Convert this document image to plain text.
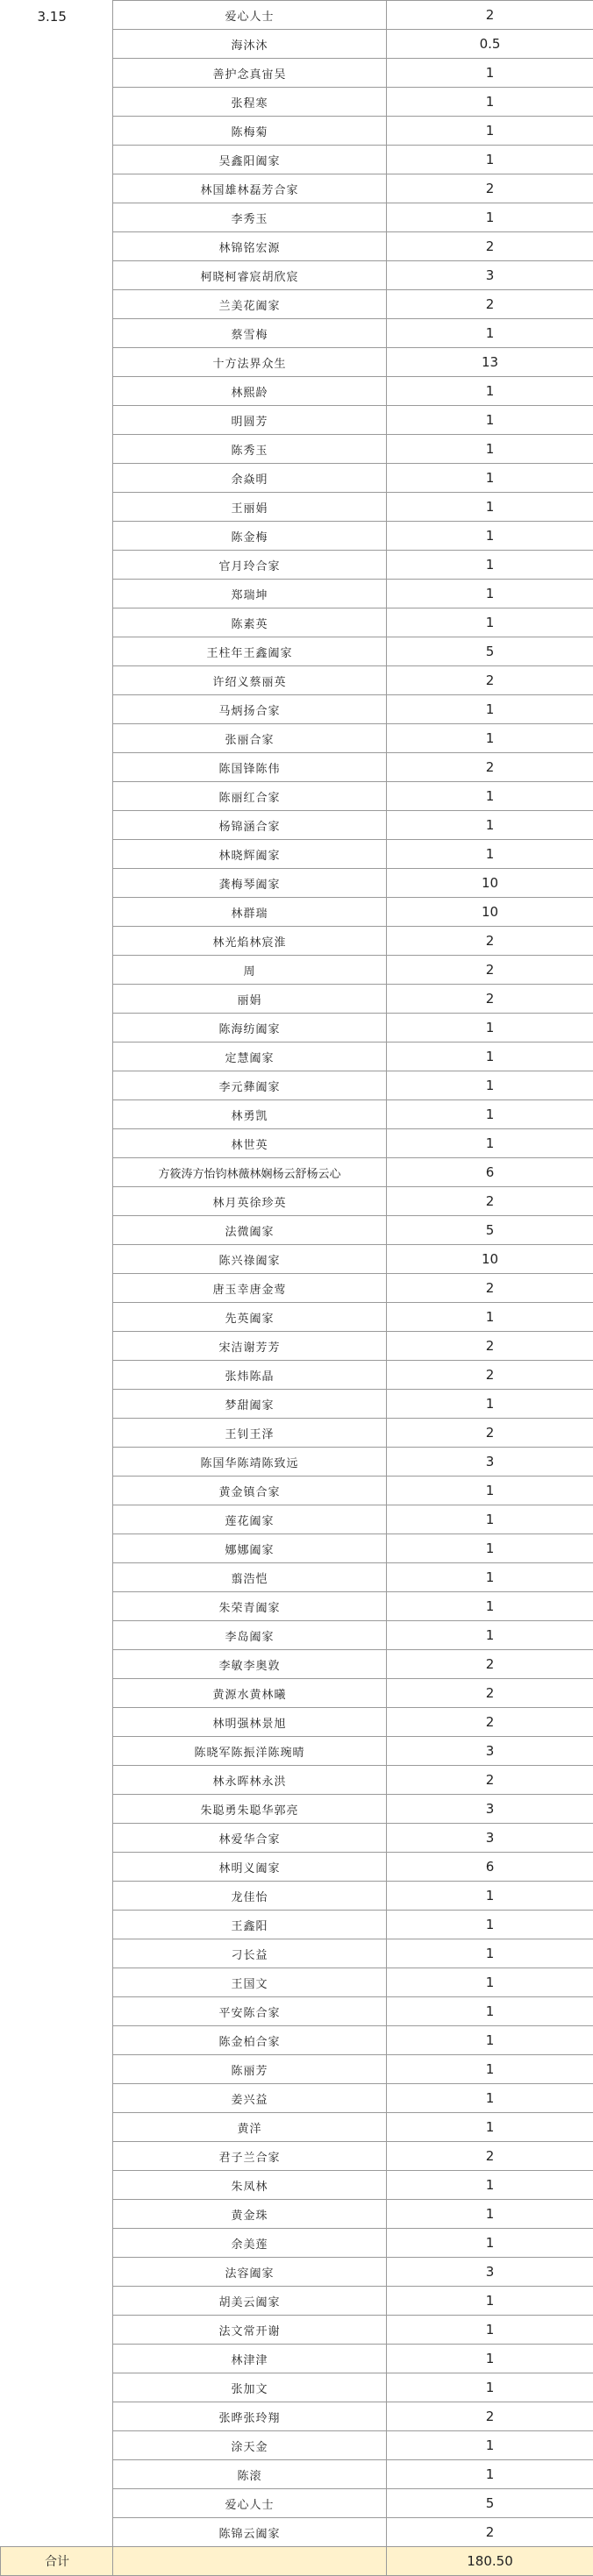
3.15	爱心人士	2
	海沐沐	0.5
	善护念真宙吴	1
	张程寒	1
	陈梅菊	1
	吴鑫阳阖家	1
	林国雄林磊芳合家	2
	李秀玉	1
	林锦铭宏源	2
	柯晓柯睿宸胡欣宸	3
	兰美花阖家	2
	蔡雪梅	1
	十方法界众生	13
	林熙龄	1
	明圆芳	1
	陈秀玉	1
	余焱明	1
	王丽娟	1
	陈金梅	1
	官月玲合家	1
	郑瑞坤	1
	陈素英	1
	王柱年王鑫阖家	5
	许绍义蔡丽英	2
	马炳扬合家	1
	张丽合家	1
	陈国锋陈伟	2
	陈丽红合家	1
	杨锦涵合家	1
	林晓辉阖家	1
	龚梅琴阖家	10
	林群瑞	10
	林光焰林宸淮	2
	周	2
	丽娟	2
	陈海纺阖家	1
	定慧阖家	1
	李元彝阖家	1
	林勇凯	1
	林世英	1
	方筱涛方怡钧林薇林娴杨云舒杨云心	6
	林月英徐珍英	2
	法微阖家	5
	陈兴祿阖家	10
	唐玉幸唐金莺	2
	先英阖家	1
	宋洁谢芳芳	2
	张炜陈晶	2
	梦甜阖家	1
	王钊王泽	2
	陈国华陈靖陈致远	3
	黄金镇合家	1
	莲花阖家	1
	娜娜阖家	1
	翦浩恺	1
	朱荣青阖家	1
	李岛阖家	1
	李敏李奥敦	2
	黄源水黄林曦	2
	林明强林景旭	2
	陈晓军陈振洋陈琬晴	3
	林永晖林永洪	2
	朱聪勇朱聪华郭亮	3
	林爱华合家	3
	林明义阖家	6
	龙佳怡	1
	王鑫阳	1
	刁长益	1
	王国文	1
	平安陈合家	1
	陈金柏合家	1
	陈丽芳	1
	姜兴益	1
	黄洋	1
	君子兰合家	2
	朱凤林	1
	黄金珠	1
	余美莲	1
	法容阖家	3
	胡美云阖家	1
	法文常开谢	1
	林津津	1
	张加文	1
	张晔张玲翔	2
	涂天金	1
	陈滚	1
	爱心人士	5
	陈锦云阖家	2
合计		180.50
